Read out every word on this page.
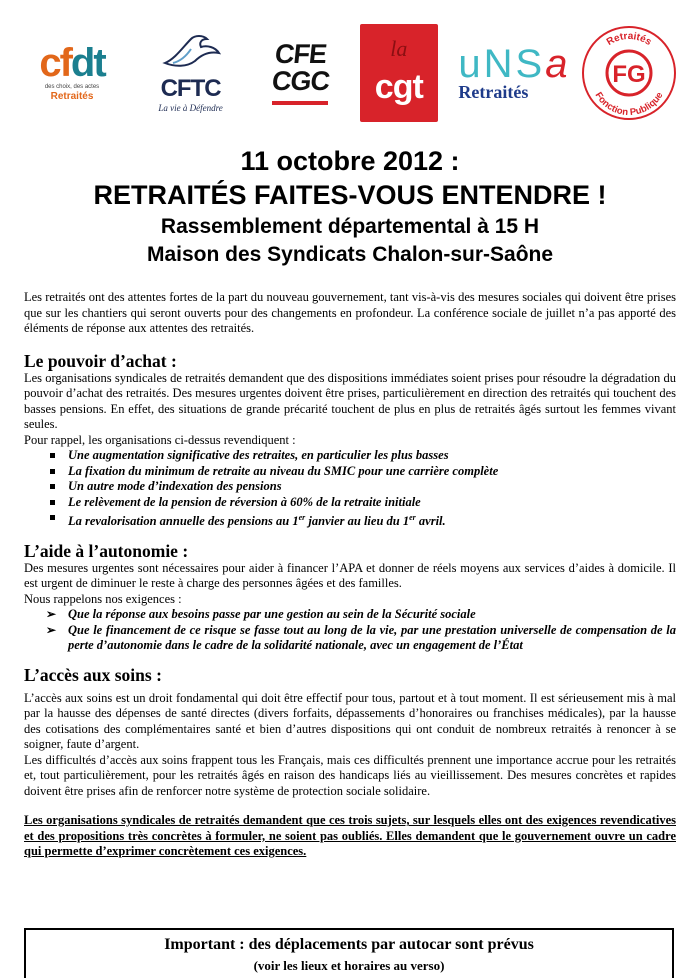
cfdt
des choix, des actes
Retraités	CFTC
La vie à Défendre
CFE
CGC
la
cgt
uNSa
Retraités
Retraités
Fonction Publique
FG
11 octobre 2012 :
RETRAITÉS FAITES-VOUS ENTENDRE !
Rassemblement départemental à 15 H
Maison des Syndicats Chalon-sur-Saône

Les retraités ont des attentes fortes de la part du nouveau gouvernement, tant vis-à-vis des mesures sociales qui doivent être prises que sur les chantiers qui seront ouverts pour des changements en profondeur. La conférence sociale de juillet n’a pas apporté des éléments de réponse aux attentes des retraités.

Le pouvoir d’achat :

Les organisations syndicales de retraités demandent que des dispositions immédiates soient prises pour résoudre la dégradation du pouvoir d’achat des retraités. Des mesures urgentes doivent être prises, particulièrement en direction des retraités qui touchent des basses pensions. En effet, des situations de grande précarité touchent de plus en plus de retraités âgés surtout les femmes vivant seules.

Pour rappel, les organisations ci-dessus revendiquent :

Une augmentation significative des retraites, en particulier les plus basses
La fixation du minimum de retraite au niveau du SMIC pour une carrière complète
Un autre mode d’indexation des pensions
Le relèvement de la pension de réversion à 60% de la retraite initiale
La revalorisation annuelle des pensions au 1er janvier au lieu du 1er avril.
L’aide à l’autonomie :

Des mesures urgentes sont nécessaires pour aider à financer l’APA et donner de réels moyens aux services d’aides à domicile. Il est urgent de diminuer le reste à charge des personnes âgées et des familles.

Nous rappelons nos exigences :

➢ Que la réponse aux besoins passe par une gestion au sein de la Sécurité sociale
➢ Que le financement de ce risque se fasse tout au long de la vie, par une prestation universelle de compensation de la perte d’autonomie dans le cadre de la solidarité nationale, avec un engagement de l’État
L’accès aux soins :

L’accès aux soins est un droit fondamental qui doit être effectif pour tous, partout et à tout moment. Il est sérieusement mis à mal par la hausse des dépenses de santé directes (divers forfaits, dépassements d’honoraires ou franchises médicales), par la hausse des cotisations des complémentaires santé et bien d’autres dispositions qui ont conduit de nombreux retraités à renoncer à se soigner, faute d’argent.

Les difficultés d’accès aux soins frappent tous les Français, mais ces difficultés prennent une importance accrue pour les retraités et, tout particulièrement, pour les retraités âgés en raison des handicaps liés au vieillissement. Des mesures concrètes et rapides doivent être prises afin de renforcer notre système de protection sociale solidaire.

Les organisations syndicales de retraités demandent que ces trois sujets, sur lesquels elles ont des exigences revendicatives et des propositions très concrètes à formuler, ne soient pas oubliés. Elles demandent que le gouvernement ouvre un cadre qui permette d’exprimer concrètement ces exigences.

Important : des déplacements par autocar sont prévus
(voir les lieux et horaires au verso)
